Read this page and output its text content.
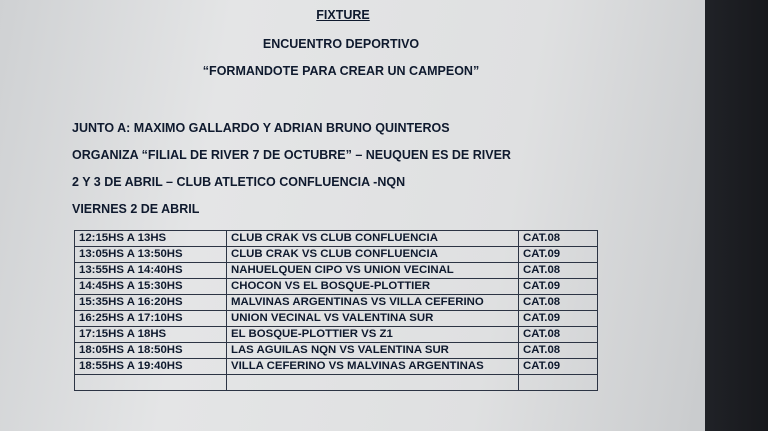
FIXTURE
ENCUENTRO DEPORTIVO
“FORMANDOTE PARA CREAR UN CAMPEON”
JUNTO A: MAXIMO GALLARDO Y ADRIAN BRUNO QUINTEROS
ORGANIZA “FILIAL DE RIVER 7 DE OCTUBRE” – NEUQUEN ES DE RIVER
2 Y 3 DE ABRIL – CLUB ATLETICO CONFLUENCIA -NQN
VIERNES 2 DE ABRIL
12:15HS A 13HS	CLUB CRAK VS CLUB CONFLUENCIA	CAT.08
13:05HS A 13:50HS	CLUB CRAK VS CLUB CONFLUENCIA	CAT.09
13:55HS A 14:40HS	NAHUELQUEN CIPO VS UNION VECINAL	CAT.08
14:45HS A 15:30HS	CHOCON VS EL BOSQUE-PLOTTIER	CAT.09
15:35HS A 16:20HS	MALVINAS ARGENTINAS VS VILLA CEFERINO	CAT.08
16:25HS A 17:10HS	UNION VECINAL VS VALENTINA SUR	CAT.09
17:15HS A 18HS	EL BOSQUE-PLOTTIER VS Z1	CAT.08
18:05HS A 18:50HS	LAS AGUILAS NQN VS VALENTINA SUR	CAT.08
18:55HS A 19:40HS	VILLA CEFERINO VS MALVINAS ARGENTINAS	CAT.09
